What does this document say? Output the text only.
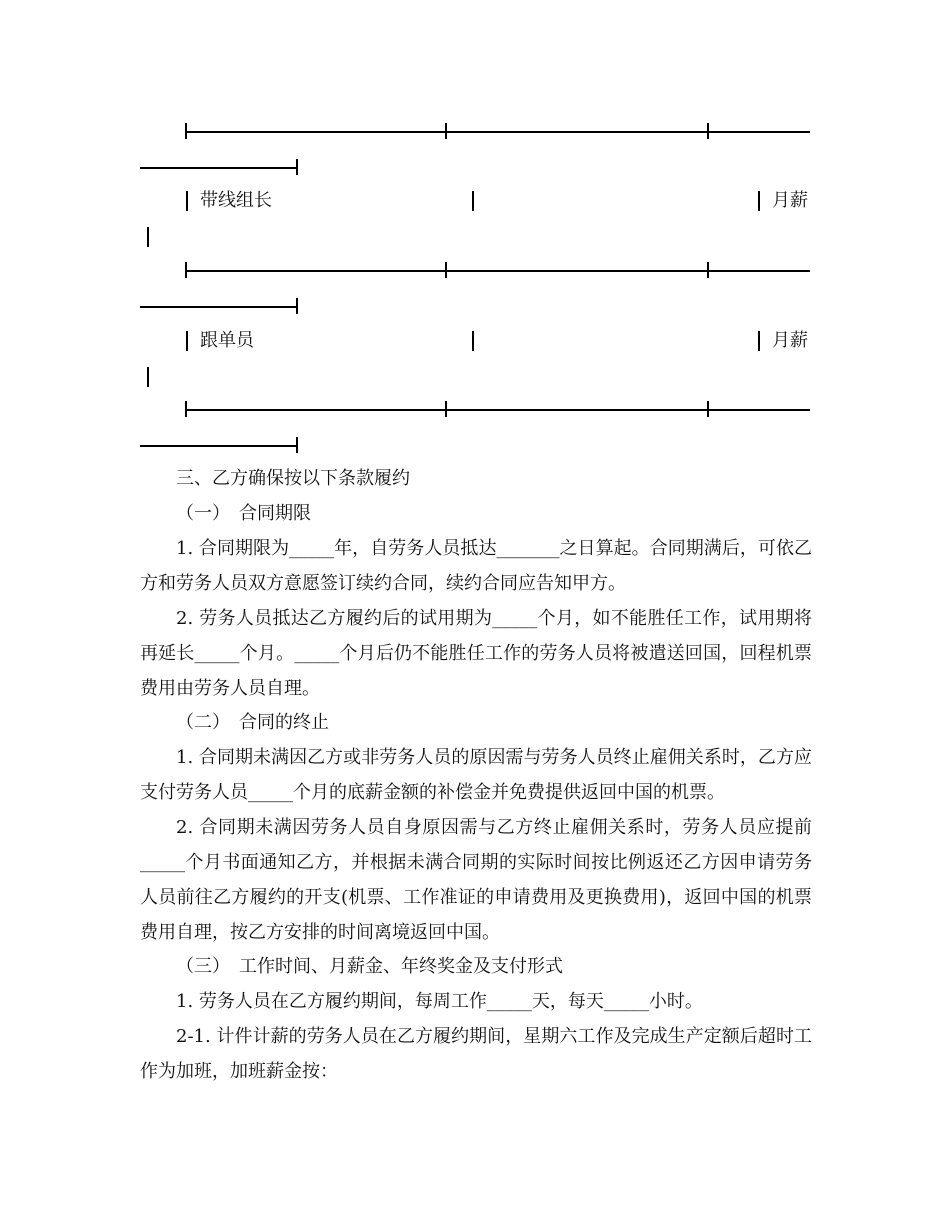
带线组长	月薪
跟单员	月薪
三、乙方确保按以下条款履约
（一）　合同期限
1. 合同期限为_____年，自劳务人员抵达_______之日算起。合同期满后，可依乙方和劳务人员双方意愿签订续约合同，续约合同应告知甲方。
2. 劳务人员抵达乙方履约后的试用期为_____个月，如不能胜任工作，试用期将再延长_____个月。_____个月后仍不能胜任工作的劳务人员将被遣送回国，回程机票费用由劳务人员自理。
（二）　合同的终止
1. 合同期未满因乙方或非劳务人员的原因需与劳务人员终止雇佣关系时，乙方应支付劳务人员_____个月的底薪金额的补偿金并免费提供返回中国的机票。
2. 合同期未满因劳务人员自身原因需与乙方终止雇佣关系时，劳务人员应提前_____个月书面通知乙方，并根据未满合同期的实际时间按比例返还乙方因申请劳务人员前往乙方履约的开支(机票、工作准证的申请费用及更换费用)，返回中国的机票费用自理，按乙方安排的时间离境返回中国。
（三）　工作时间、月薪金、年终奖金及支付形式
1. 劳务人员在乙方履约期间，每周工作_____天，每天_____小时。
2-1. 计件计薪的劳务人员在乙方履约期间，星期六工作及完成生产定额后超时工作为加班，加班薪金按：
